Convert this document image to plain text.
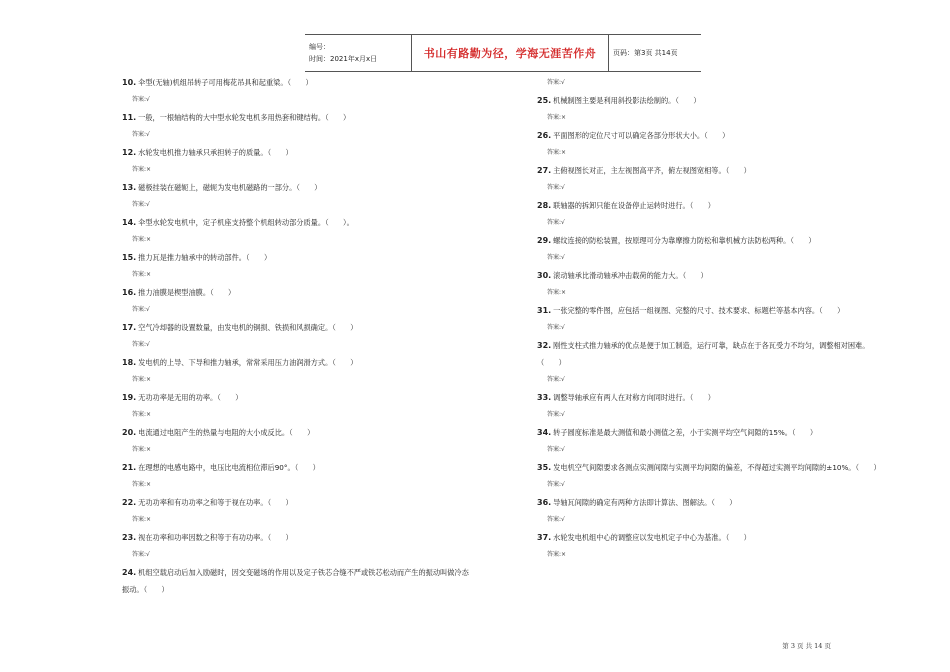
编号：
时间：2021年x月x日	书山有路勤为径，学海无涯苦作舟 页码：第3页 共14页
10. 伞型(无轴)机组吊转子可用梅花吊具和起重梁。（　　）
答案:√
11. 一般，一根轴结构的大中型水轮发电机多用热套和键结构。（　　）
答案:√
12. 水轮发电机推力轴承只承担转子的质量。（　　）
答案:×
13. 磁极挂装在磁轭上，磁轭为发电机磁路的一部分。（　　）
答案:√
14. 伞型水轮发电机中，定子机座支持整个机组转动部分质量。（　　）。
答案:×
15. 推力瓦是推力轴承中的转动部件。（　　）
答案:×
16. 推力油膜是楔型油膜。（　　）
答案:√
17. 空气冷却器的设置数量，由发电机的铜损、铁损和风损确定。（　　）
答案:√
18. 发电机的上导、下导和推力轴承，常常采用压力油润滑方式。（　　）
答案:×
19. 无功功率是无用的功率。（　　）
答案:×
20. 电流通过电阻产生的热量与电阻的大小成反比。（　　）
答案:×
21. 在理想的电感电路中，电压比电流相位滞后90°。（　　）
答案:×
22. 无功功率和有功功率之和等于视在功率。（　　）
答案:×
23. 视在功率和功率因数之积等于有功功率。（　　）
答案:√
24. 机组空载启动后加入励磁时，因交变磁场的作用以及定子铁芯合缝不严或铁芯松动而产生的振动叫做冷态振动。（　　）
答案:√
25. 机械制图主要是利用斜投影法绘制的。（　　）
答案:×
26. 平面图形的定位尺寸可以确定各部分形状大小。（　　）
答案:×
27. 主俯视图长对正，主左视图高平齐，俯左视图宽相等。（　　）
答案:√
28. 联轴器的拆卸只能在设备停止运转时进行。（　　）
答案:√
29. 螺纹连接的防松装置，按原理可分为靠摩擦力防松和靠机械方法防松两种。（　　）
答案:√
30. 滚动轴承比滑动轴承冲击载荷的能力大。（　　）
答案:×
31. 一张完整的零件图，应包括一组视图、完整的尺寸、技术要求、标题栏等基本内容。（　　）
答案:√
32. 刚性支柱式推力轴承的优点是便于加工制造，运行可靠，缺点在于各瓦受力不均匀，调整相对困难。（　　）
答案:√
33. 调整导轴承应有两人在对称方向同时进行。（　　）
答案:√
34. 转子圆度标准是最大测值和最小测值之差，小于实测平均空气间隙的15%。（　　）
答案:√
35. 发电机空气间隙要求各测点实测间隙与实测平均间隙的偏差，不得超过实测平均间隙的±10%。（　　）
答案:√
36. 导轴瓦间隙的确定有两种方法即计算法、图解法。（　　）
答案:√
37. 水轮发电机组中心的调整应以发电机定子中心为基准。（　　）
答案:×
第 3 页 共 14 页
